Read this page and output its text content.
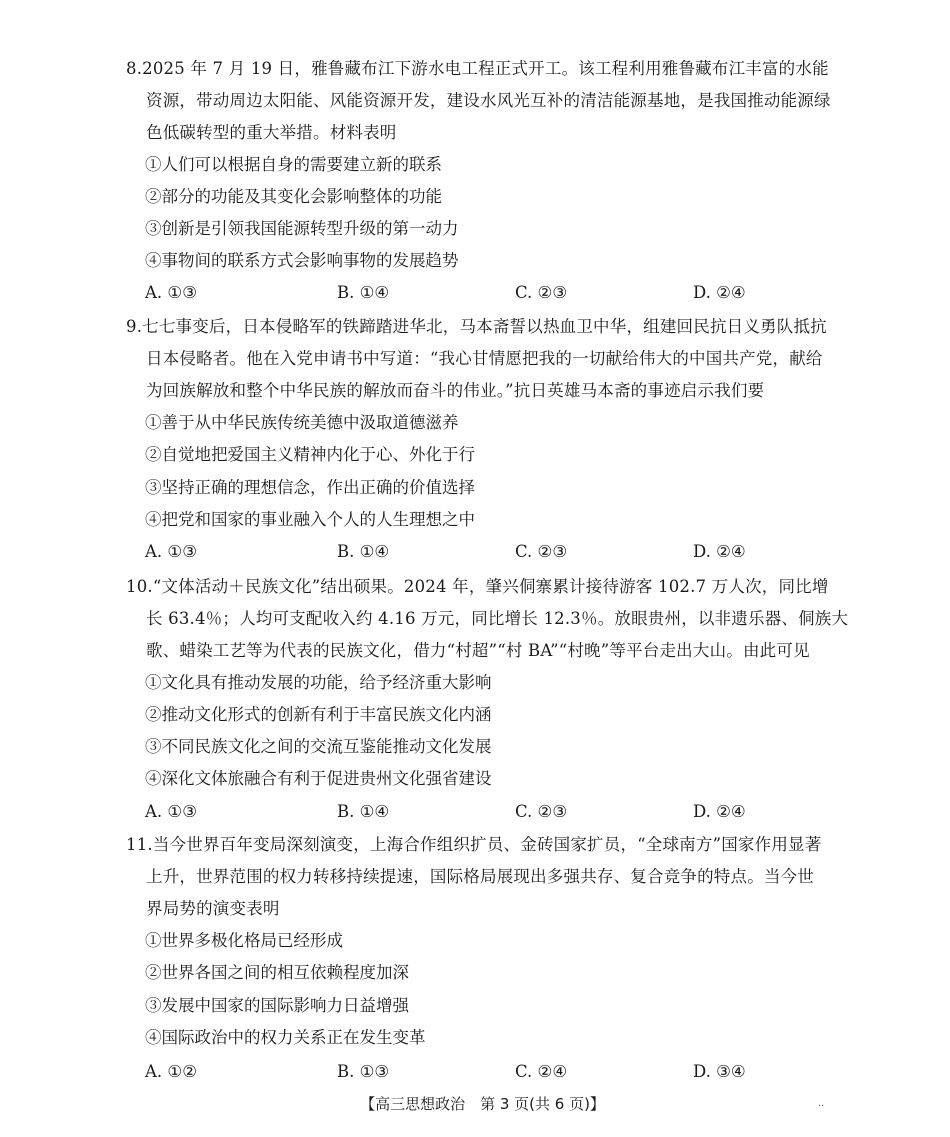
8.2025 年 7 月 19 日，雅鲁藏布江下游水电工程正式开工。该工程利用雅鲁藏布江丰富的水能
资源，带动周边太阳能、风能资源开发，建设水风光互补的清洁能源基地，是我国推动能源绿
色低碳转型的重大举措。材料表明
①人们可以根据自身的需要建立新的联系
②部分的功能及其变化会影响整体的功能
③创新是引领我国能源转型升级的第一动力
④事物间的联系方式会影响事物的发展趋势
A. ①③	B. ①④	C. ②③	D. ②④
9.七七事变后，日本侵略军的铁蹄踏进华北，马本斋誓以热血卫中华，组建回民抗日义勇队抵抗
日本侵略者。他在入党申请书中写道：“我心甘情愿把我的一切献给伟大的中国共产党，献给
为回族解放和整个中华民族的解放而奋斗的伟业。”抗日英雄马本斋的事迹启示我们要
①善于从中华民族传统美德中汲取道德滋养
②自觉地把爱国主义精神内化于心、外化于行
③坚持正确的理想信念，作出正确的价值选择
④把党和国家的事业融入个人的人生理想之中
A. ①③	B. ①④	C. ②③	D. ②④
10.“文体活动＋民族文化”结出硕果。2024 年，肇兴侗寨累计接待游客 102.7 万人次，同比增
长 63.4％；人均可支配收入约 4.16 万元，同比增长 12.3％。放眼贵州，以非遗乐器、侗族大
歌、蜡染工艺等为代表的民族文化，借力“村超”“村 BA”“村晚”等平台走出大山。由此可见
①文化具有推动发展的功能，给予经济重大影响
②推动文化形式的创新有利于丰富民族文化内涵
③不同民族文化之间的交流互鉴能推动文化发展
④深化文体旅融合有利于促进贵州文化强省建设
A. ①③	B. ①④	C. ②③	D. ②④
11.当今世界百年变局深刻演变，上海合作组织扩员、金砖国家扩员，“全球南方”国家作用显著
上升，世界范围的权力转移持续提速，国际格局展现出多强共存、复合竞争的特点。当今世
界局势的演变表明
①世界多极化格局已经形成
②世界各国之间的相互依赖程度加深
③发展中国家的国际影响力日益增强
④国际政治中的权力关系正在发生变革
A. ①②	B. ①③	C. ②④	D. ③④
【高三思想政治　第 3 页(共 6 页)】	..
